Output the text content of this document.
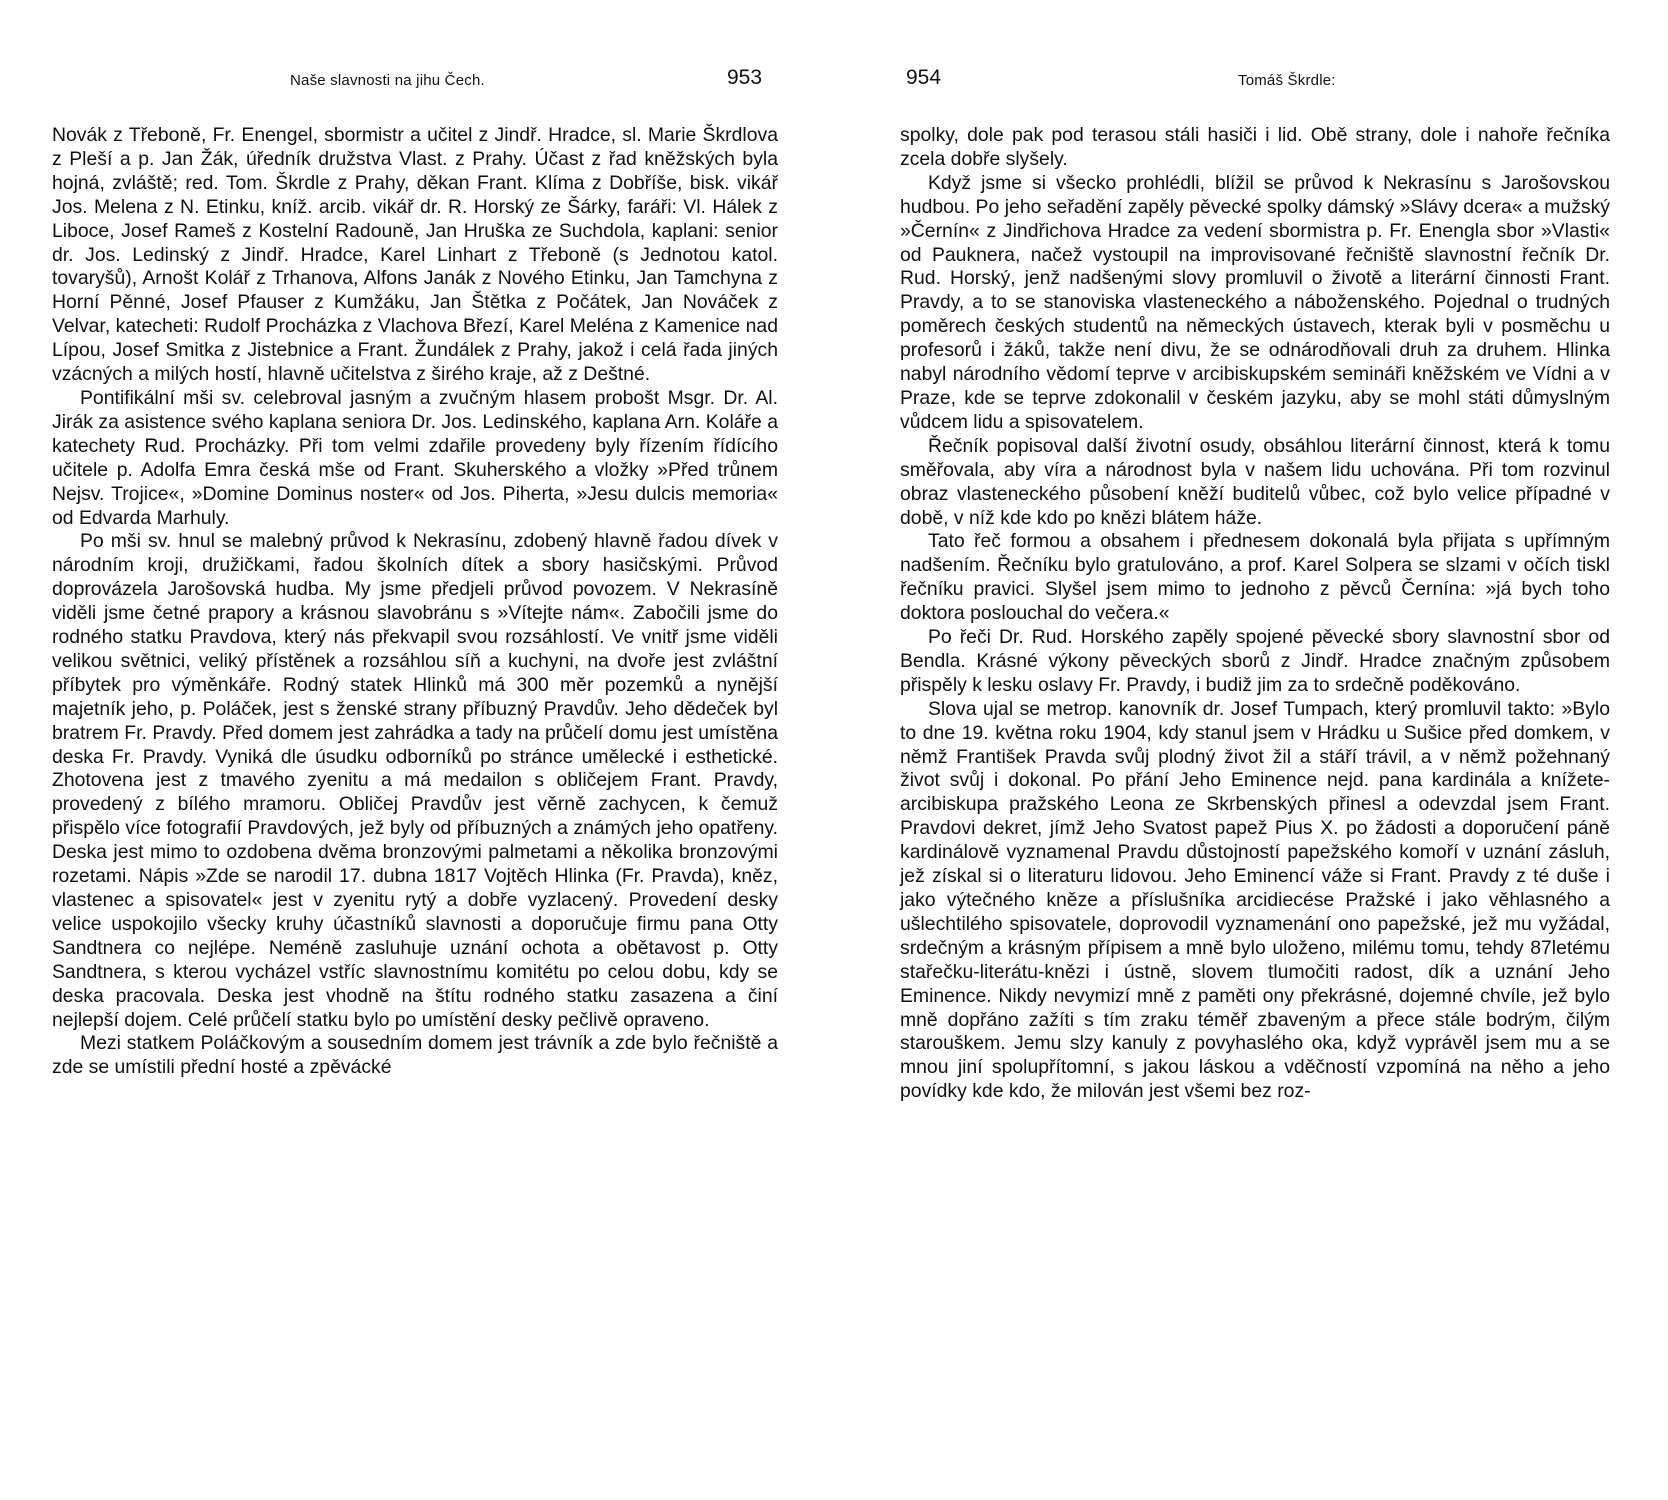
Naše slavnosti na jihu Čech.	953

Novák z Třeboně, Fr. Enengel, sbormistr a učitel z Jindř. Hradce, sl. Marie Škrdlova z Pleší a p. Jan Žák, úředník družstva Vlast. z Prahy. Účast z řad kněžských byla hojná, zvláště; red. Tom. Škrdle z Prahy, děkan Frant. Klíma z Dobříše, bisk. vikář Jos. Melena z N. Etinku, kníž. arcib. vikář dr. R. Horský ze Šárky, faráři: Vl. Hálek z Liboce, Josef Rameš z Kostelní Radouně, Jan Hruška ze Suchdola, kaplani: senior dr. Jos. Ledinský z Jindř. Hradce, Karel Linhart z Třeboně (s Jednotou katol. tovaryšů), Arnošt Kolář z Trhanova, Alfons Janák z Nového Etinku, Jan Tamchyna z Horní Pěnné, Josef Pfauser z Kumžáku, Jan Štětka z Počátek, Jan Nováček z Velvar, katecheti: Rudolf Procházka z Vlachova Březí, Karel Meléna z Kamenice nad Lípou, Josef Smitka z Jistebnice a Frant. Žundálek z Prahy, jakož i celá řada jiných vzácných a milých hostí, hlavně učitelstva z širého kraje, až z Deštné.

Pontifikální mši sv. celebroval jasným a zvučným hlasem probošt Msgr. Dr. Al. Jirák za asistence svého kaplana seniora Dr. Jos. Ledinského, kaplana Arn. Koláře a katechety Rud. Procházky. Při tom velmi zdařile provedeny byly řízením řídícího učitele p. Adolfa Emra česká mše od Frant. Skuherského a vložky »Před trůnem Nejsv. Trojice«, »Domine Dominus noster« od Jos. Piherta, »Jesu dulcis memoria« od Edvarda Marhuly.

Po mši sv. hnul se malebný průvod k Nekrasínu, zdobený hlavně řadou dívek v národním kroji, družičkami, řadou školních dítek a sbory hasičskými. Průvod doprovázela Jarošovská hudba. My jsme předjeli průvod povozem. V Nekrasíně viděli jsme četné prapory a krásnou slavobránu s »Vítejte nám«. Zabočili jsme do rodného statku Pravdova, který nás překvapil svou rozsáhlostí. Ve vnitř jsme viděli velikou světnici, veliký přístěnek a rozsáhlou síň a kuchyni, na dvoře jest zvláštní příbytek pro výměnkáře. Rodný statek Hlinků má 300 měr pozemků a nynější majetník jeho, p. Poláček, jest s ženské strany příbuzný Pravdův. Jeho dědeček byl bratrem Fr. Pravdy. Před domem jest zahrádka a tady na průčelí domu jest umístěna deska Fr. Pravdy. Vyniká dle úsudku odborníků po stránce umělecké i esthetické. Zhotovena jest z tmavého zyenitu a má medailon s obličejem Frant. Pravdy, provedený z bílého mramoru. Obličej Pravdův jest věrně zachycen, k čemuž přispělo více fotografií Pravdových, jež byly od příbuzných a známých jeho opatřeny. Deska jest mimo to ozdobena dvěma bronzovými palmetami a několika bronzovými rozetami. Nápis »Zde se narodil 17. dubna 1817 Vojtěch Hlinka (Fr. Pravda), kněz, vlastenec a spisovatel« jest v zyenitu rytý a dobře vyzlacený. Provedení desky velice uspokojilo všecky kruhy účastníků slavnosti a doporučuje firmu pana Otty Sandtnera co nejlépe. Neméně zasluhuje uznání ochota a obětavost p. Otty Sandtnera, s kterou vycházel vstříc slavnostnímu komitétu po celou dobu, kdy se deska pracovala. Deska jest vhodně na štítu rodného statku zasazena a činí nejlepší dojem. Celé průčelí statku bylo po umístění desky pečlivě opraveno.

Mezi statkem Poláčkovým a sousedním domem jest trávník a zde bylo řečniště a zde se umístili přední hosté a zpěvácké

954	Tomáš Škrdle:

spolky, dole pak pod terasou stáli hasiči i lid. Obě strany, dole i nahoře řečníka zcela dobře slyšely.

Když jsme si všecko prohlédli, blížil se průvod k Nekrasínu s Jarošovskou hudbou. Po jeho seřadění zapěly pěvecké spolky dámský »Slávy dcera« a mužský »Černín« z Jindřichova Hradce za vedení sbormistra p. Fr. Enengla sbor »Vlasti« od Pauknera, načež vystoupil na improvisované řečniště slavnostní řečník Dr. Rud. Horský, jenž nadšenými slovy promluvil o životě a literární činnosti Frant. Pravdy, a to se stanoviska vlasteneckého a náboženského. Pojednal o trudných poměrech českých studentů na německých ústavech, kterak byli v posměchu u profesorů i žáků, takže není divu, že se odnárodňovali druh za druhem. Hlinka nabyl národního vědomí teprve v arcibiskupském semináři kněžském ve Vídni a v Praze, kde se teprve zdokonalil v českém jazyku, aby se mohl státi důmyslným vůdcem lidu a spisovatelem.

Řečník popisoval další životní osudy, obsáhlou literární činnost, která k tomu směřovala, aby víra a národnost byla v našem lidu uchována. Při tom rozvinul obraz vlasteneckého působení kněží buditelů vůbec, což bylo velice případné v době, v níž kde kdo po knězi blátem háže.

Tato řeč formou a obsahem i přednesem dokonalá byla přijata s upřímným nadšením. Řečníku bylo gratulováno, a prof. Karel Solpera se slzami v očích tiskl řečníku pravici. Slyšel jsem mimo to jednoho z pěvců Černína: »já bych toho doktora poslouchal do večera.«

Po řeči Dr. Rud. Horského zapěly spojené pěvecké sbory slavnostní sbor od Bendla. Krásné výkony pěveckých sborů z Jindř. Hradce značným způsobem přispěly k lesku oslavy Fr. Pravdy, i budiž jim za to srdečně poděkováno.

Slova ujal se metrop. kanovník dr. Josef Tumpach, který promluvil takto: »Bylo to dne 19. května roku 1904, kdy stanul jsem v Hrádku u Sušice před domkem, v němž František Pravda svůj plodný život žil a stáří trávil, a v němž požehnaný život svůj i dokonal. Po přání Jeho Eminence nejd. pana kardinála a knížete-arcibiskupa pražského Leona ze Skrbenských přinesl a odevzdal jsem Frant. Pravdovi dekret, jímž Jeho Svatost papež Pius X. po žádosti a doporučení páně kardinálově vyznamenal Pravdu důstojností papežského komoří v uznání zásluh, jež získal si o literaturu lidovou. Jeho Eminencí váže si Frant. Pravdy z té duše i jako výtečného kněze a příslušníka arcidiecése Pražské i jako věhlasného a ušlechtilého spisovatele, doprovodil vyznamenání ono papežské, jež mu vyžádal, srdečným a krásným přípisem a mně bylo uloženo, milému tomu, tehdy 87letému stařečku-literátu-knězi i ústně, slovem tlumočiti radost, dík a uznání Jeho Eminence. Nikdy nevymizí mně z paměti ony překrásné, dojemné chvíle, jež bylo mně dopřáno zažíti s tím zraku téměř zbaveným a přece stále bodrým, čilým starouškem. Jemu slzy kanuly z povyhaslého oka, když vyprávěl jsem mu a se mnou jiní spolupřítomní, s jakou láskou a vděčností vzpomíná na něho a jeho povídky kde kdo, že milován jest všemi bez roz-
